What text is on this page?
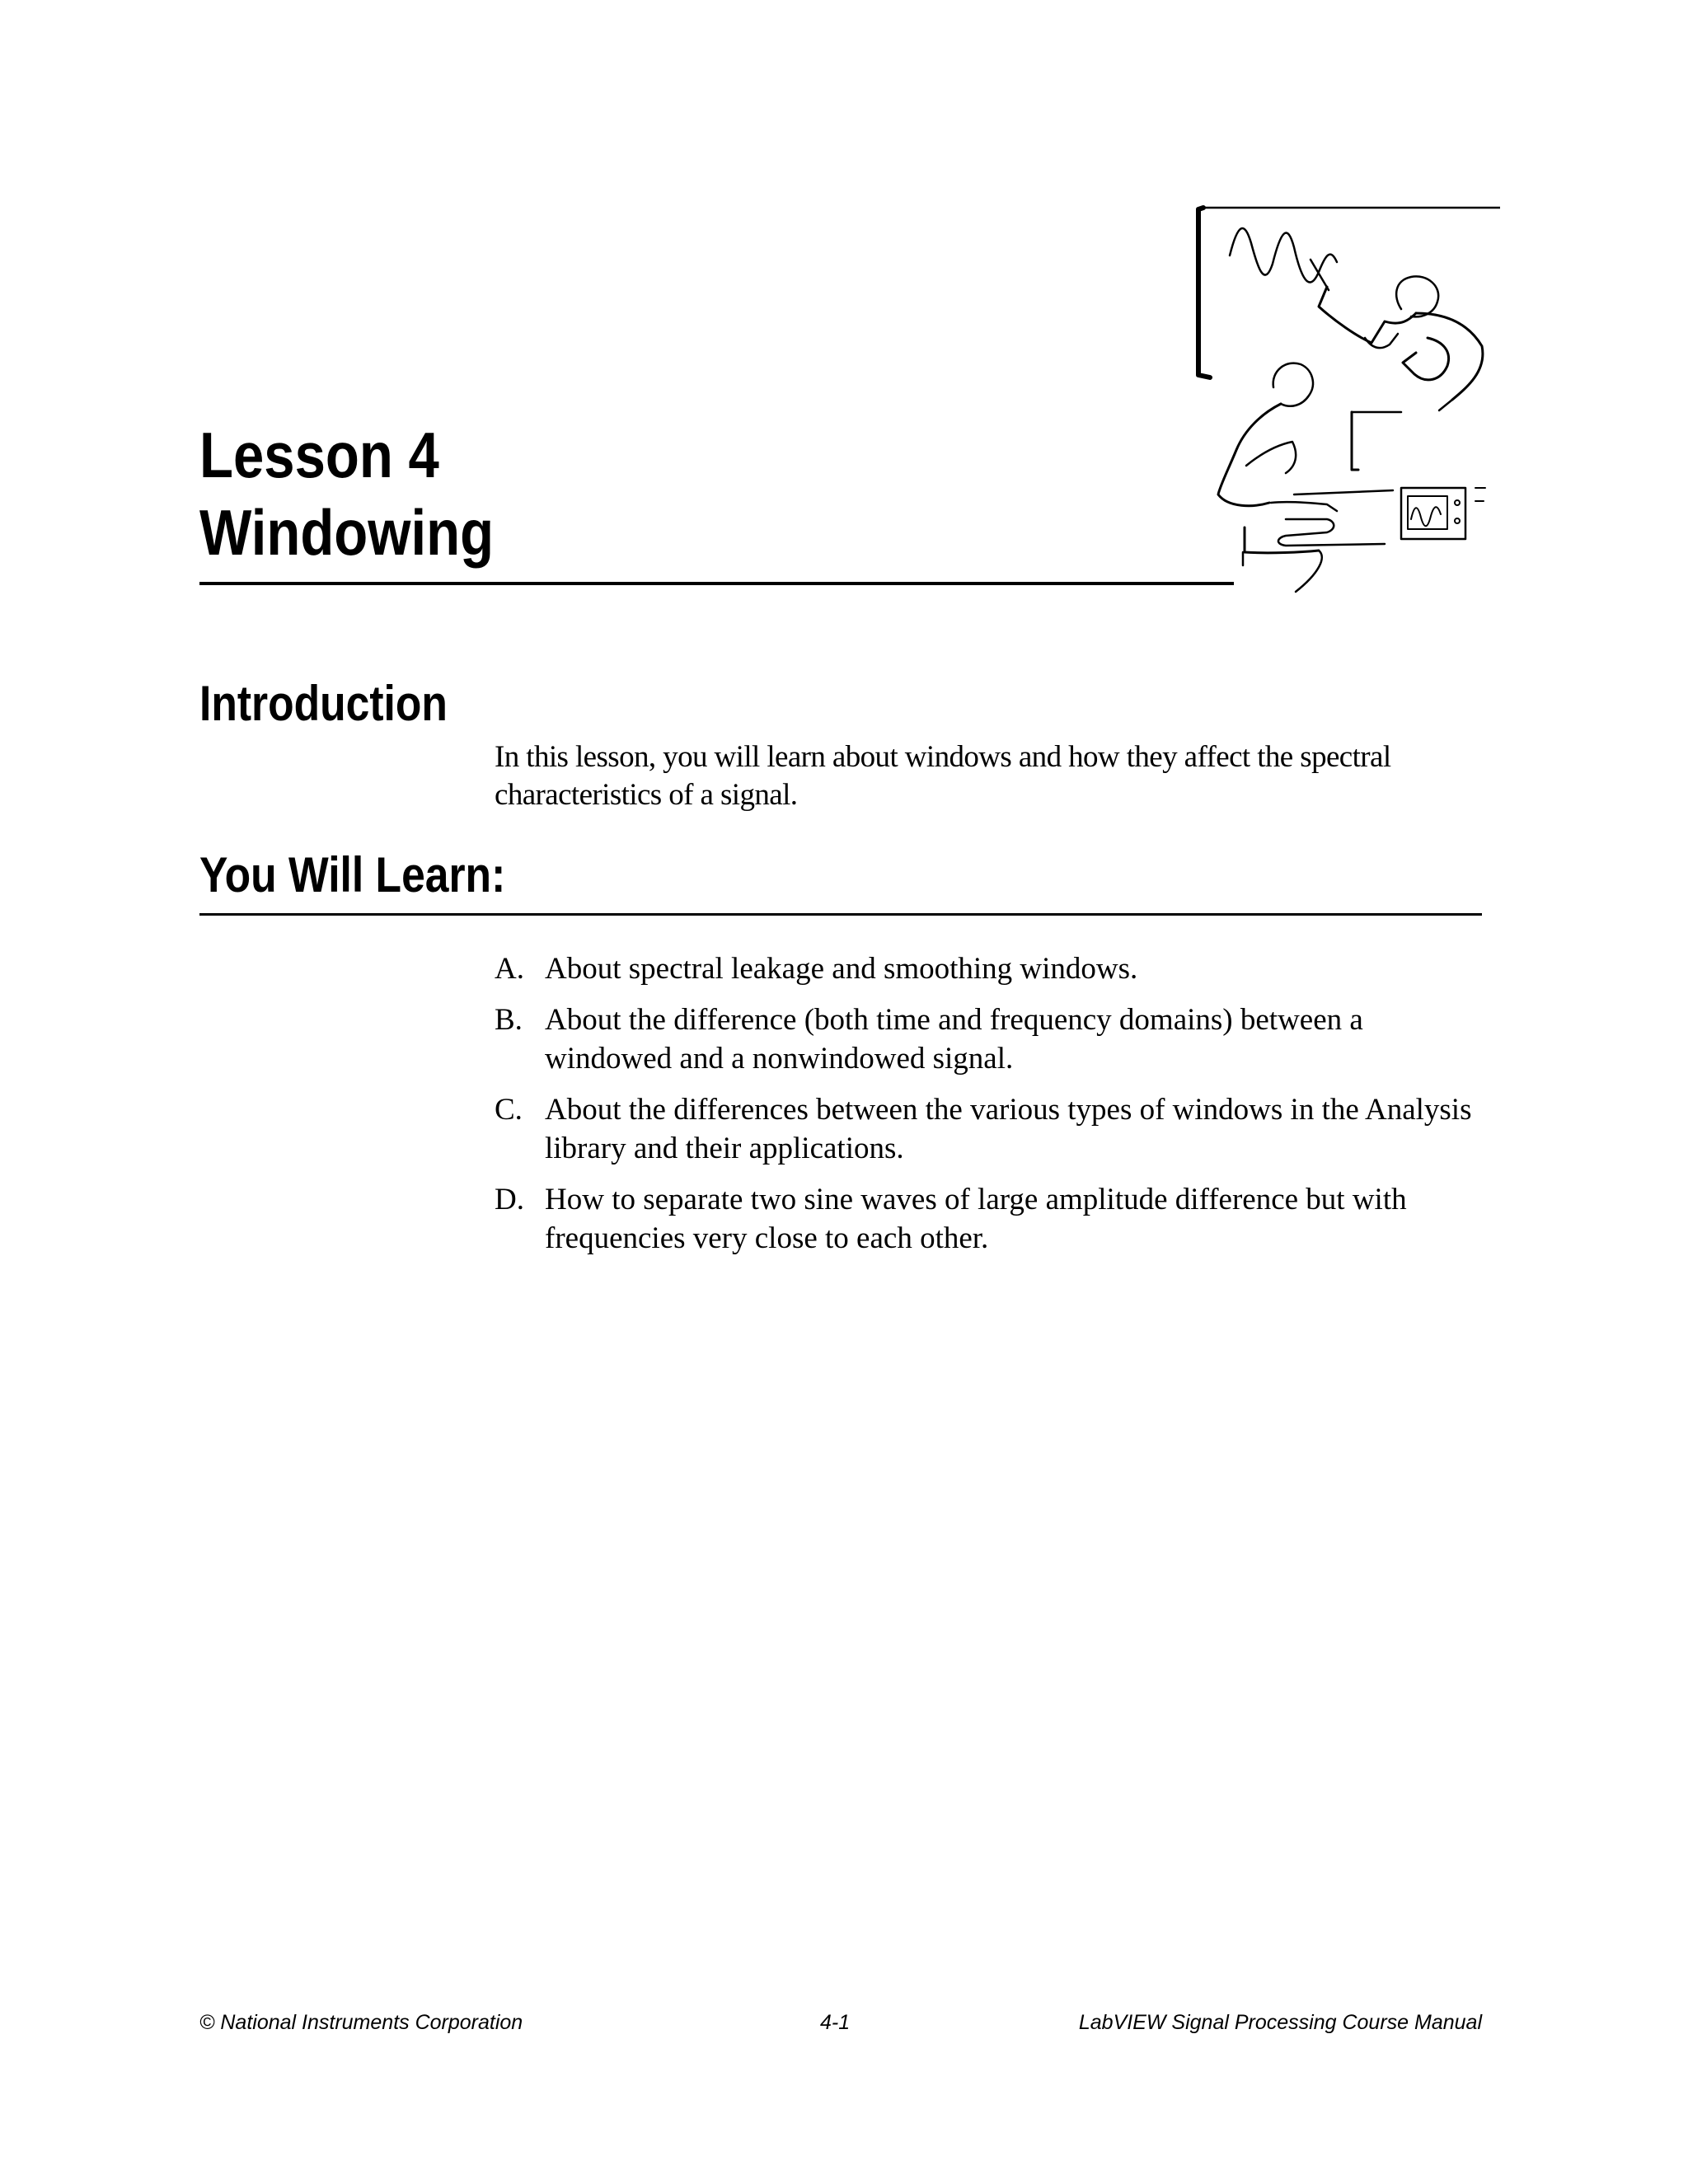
Lesson 4
Windowing
Introduction
In this lesson, you will learn about windows and how they affect the spectral characteristics of a signal.
You Will Learn:
A. About spectral leakage and smoothing windows.
B. About the difference (both time and frequency domains) between a windowed and a nonwindowed signal.
C. About the differences between the various types of windows in the Analysis library and their applications.
D. How to separate two sine waves of large amplitude difference but with frequencies very close to each other.
© National Instruments Corporation	4-1	LabVIEW Signal Processing Course Manual
